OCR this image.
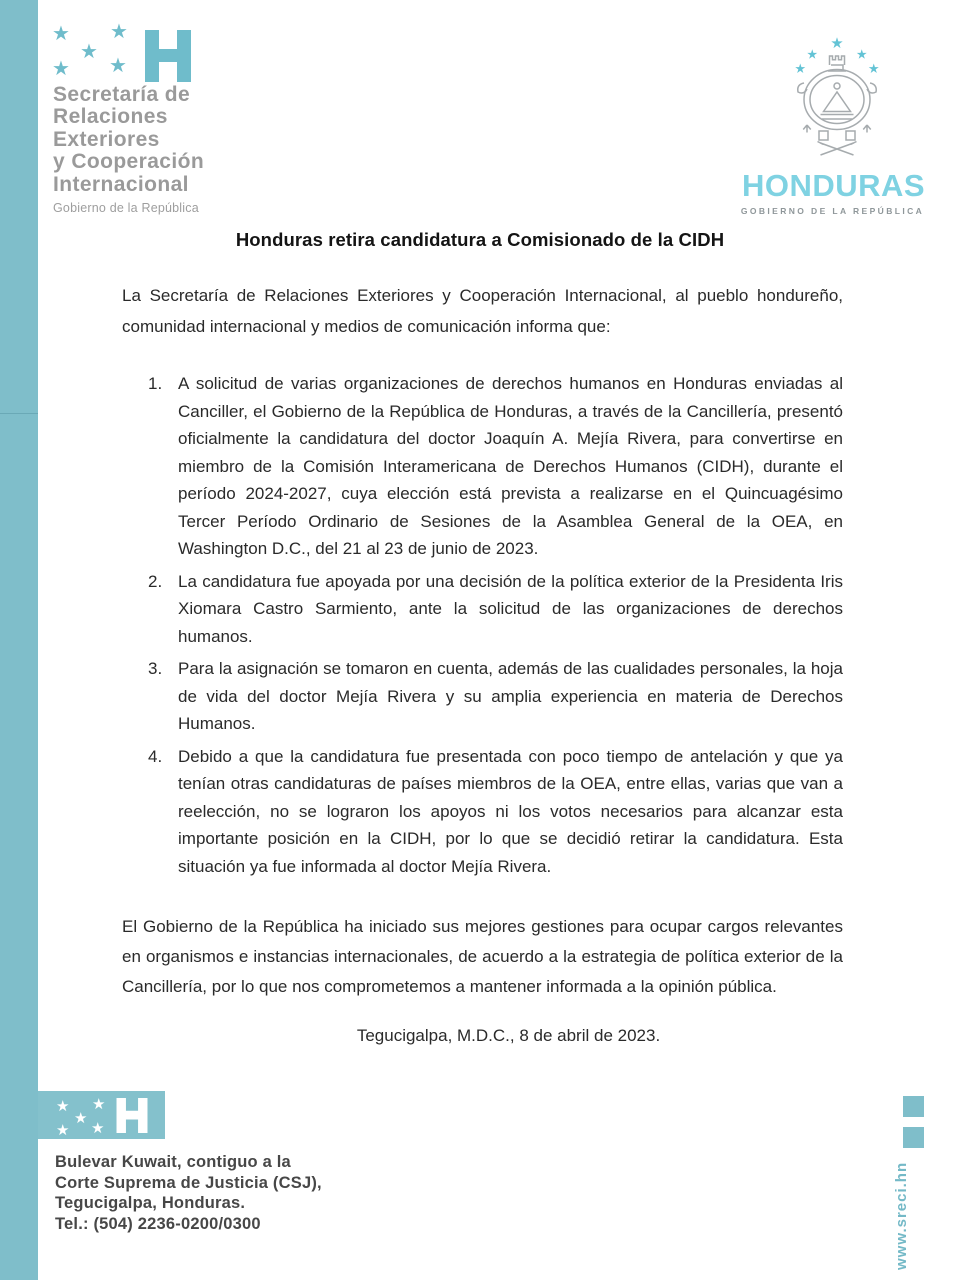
★ ★
★
★ ★
Secretaría de
Relaciones
Exteriores
y Cooperación
Internacional
Gobierno de la República
HONDURAS
GOBIERNO DE LA REPÚBLICA
Honduras retira candidatura a Comisionado de la CIDH

La Secretaría de Relaciones Exteriores y Cooperación Internacional, al pueblo hondureño, comunidad internacional y medios de comunicación informa que:

1. A solicitud de varias organizaciones de derechos humanos en Honduras enviadas al Canciller, el Gobierno de la República de Honduras, a través de la Cancillería, presentó oficialmente la candidatura del doctor Joaquín A. Mejía Rivera, para convertirse en miembro de la Comisión Interamericana de Derechos Humanos (CIDH), durante el período 2024-2027, cuya elección está prevista a realizarse en el Quincuagésimo Tercer Período Ordinario de Sesiones de la Asamblea General de la OEA, en Washington D.C., del 21 al 23 de junio de 2023.
2. La candidatura fue apoyada por una decisión de la política exterior de la Presidenta Iris Xiomara Castro Sarmiento, ante la solicitud de las organizaciones de derechos humanos.
3. Para la asignación se tomaron en cuenta, además de las cualidades personales, la hoja de vida del doctor Mejía Rivera y su amplia experiencia en materia de Derechos Humanos.
4. Debido a que la candidatura fue presentada con poco tiempo de antelación y que ya tenían otras candidaturas de países miembros de la OEA, entre ellas, varias que van a reelección, no se lograron los apoyos ni los votos necesarios para alcanzar esta importante posición en la CIDH, por lo que se decidió retirar la candidatura. Esta situación ya fue informada al doctor Mejía Rivera.

El Gobierno de la República ha iniciado sus mejores gestiones para ocupar cargos relevantes en organismos e instancias internacionales, de acuerdo a la estrategia de política exterior de la Cancillería, por lo que nos comprometemos a mantener informada a la opinión pública.

Tegucigalpa, M.D.C., 8 de abril de 2023.
★ ★
★
★ ★
Bulevar Kuwait, contiguo a la
Corte Suprema de Justicia (CSJ),
Tegucigalpa, Honduras.
Tel.: (504) 2236-0200/0300	www.sreci.hn
